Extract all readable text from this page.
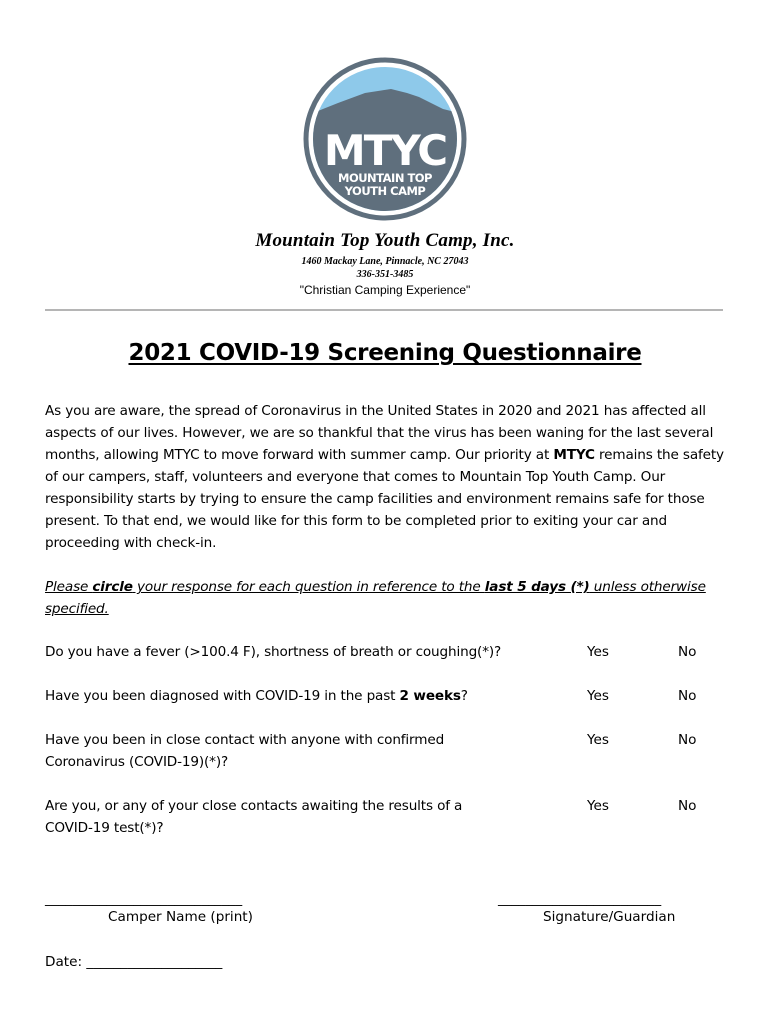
MTYC
MOUNTAIN TOP
YOUTH CAMP
Mountain Top Youth Camp, Inc.
1460 Mackay Lane, Pinnacle, NC 27043
336-351-3485
"Christian Camping Experience"
2021 COVID-19 Screening Questionnaire
As you are aware, the spread of Coronavirus in the United States in 2020 and 2021 has affected all aspects of our lives. However, we are so thankful that the virus has been waning for the last several months, allowing MTYC to move forward with summer camp. Our priority at MTYC remains the safety of our campers, staff, volunteers and everyone that comes to Mountain Top Youth Camp. Our responsibility starts by trying to ensure the camp facilities and environment remains safe for those present. To that end, we would like for this form to be completed prior to exiting your car and proceeding with check-in.
Please circle your response for each question in reference to the last 5 days (*) unless otherwise specified.
Do you have a fever (>100.4 F), shortness of breath or coughing(*)?	Yes	No
Have you been diagnosed with COVID-19 in the past 2 weeks?	Yes	No
Have you been in close contact with anyone with confirmed
Coronavirus (COVID-19)(*)?
Yes	No
Are you, or any of your close contacts awaiting the results of a
COVID-19 test(*)?
Yes	No
_____________________________
Camper Name (print)
________________________
Signature/Guardian
Date: ____________________
